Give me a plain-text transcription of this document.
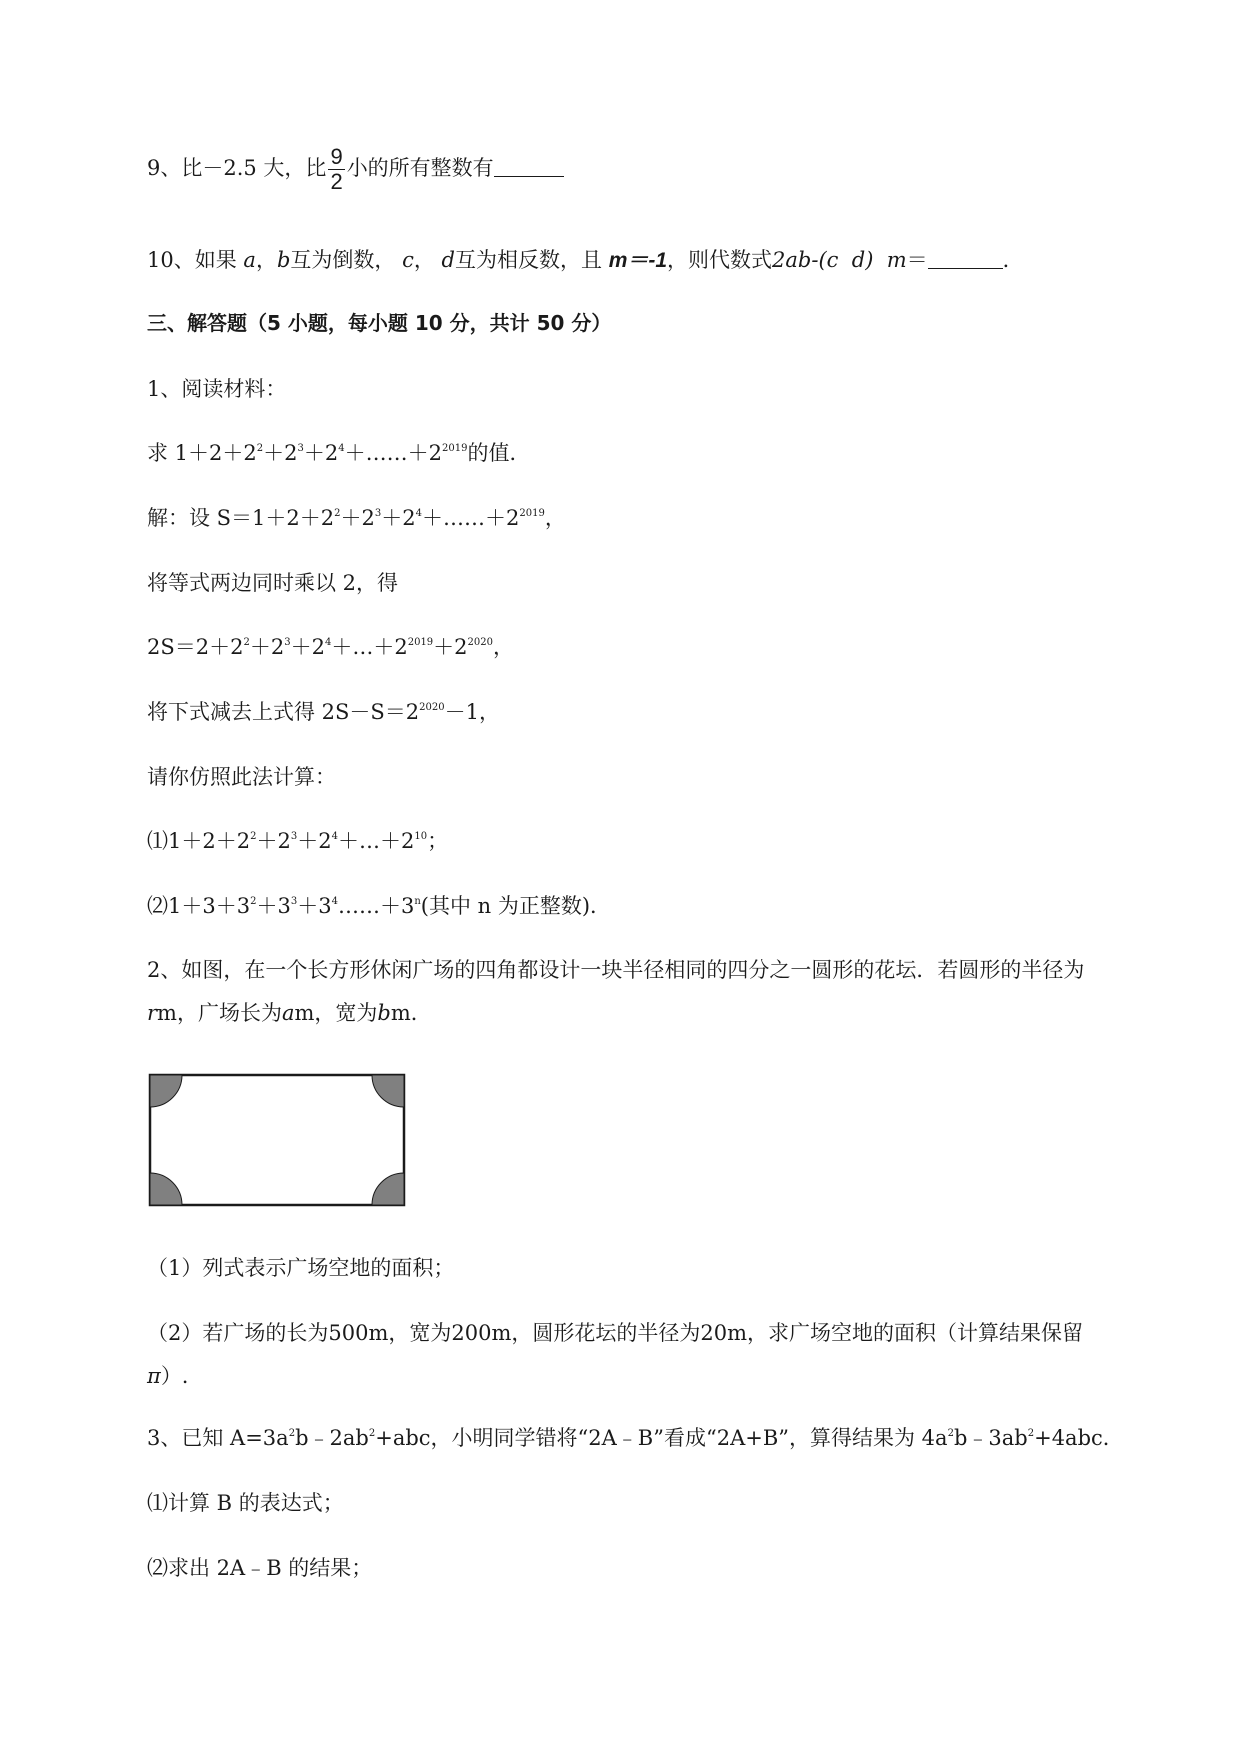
9、比－2.5 大，比 $\frac{9}{2}$ 小的所有整数有
10、如果 a，b互为倒数， c， d互为相反数，且 m＝-1，则代数式2ab-(c  d)  m＝	．
三、解答题（5 小题，每小题 10 分，共计 50 分）
1、阅读材料：
求 $1+2+2^2+2^3+2^4+\dots\dots+2^{2019}$的值．
解：设 $S=1+2+2^2+2^3+2^4+\dots\dots+2^{2019}$，
将等式两边同时乘以 2，得
$2S=2+2^2+2^3+2^4+\dots+2^{2019}+2^{2020}$，
将下式减去上式得 $2S-S=2^{2020}-1$，
请你仿照此法计算：
$⑴1+2+2^2+2^3+2^4+\dots+2^{10}$；
$⑵1+3+3^2+3^3+3^4\dots\dots+3^n$(其中 n 为正整数)．
2、如图，在一个长方形休闲广场的四角都设计一块半径相同的四分之一圆形的花坛．若圆形的半径为
rm，广场长为am，宽为bm．
（1）列式表示广场空地的面积；
（2）若广场的长为500m，宽为200m，圆形花坛的半径为20m，求广场空地的面积（计算结果保留
π）.
3、已知 $A=3a^2b﹣2ab^2+abc$，小明同学错将“2A﹣B”看成“2A+B”，算得结果为 $4a^2b﹣3ab^2+4abc$．
⑴计算 B 的表达式；
⑵求出 2A﹣B 的结果；
